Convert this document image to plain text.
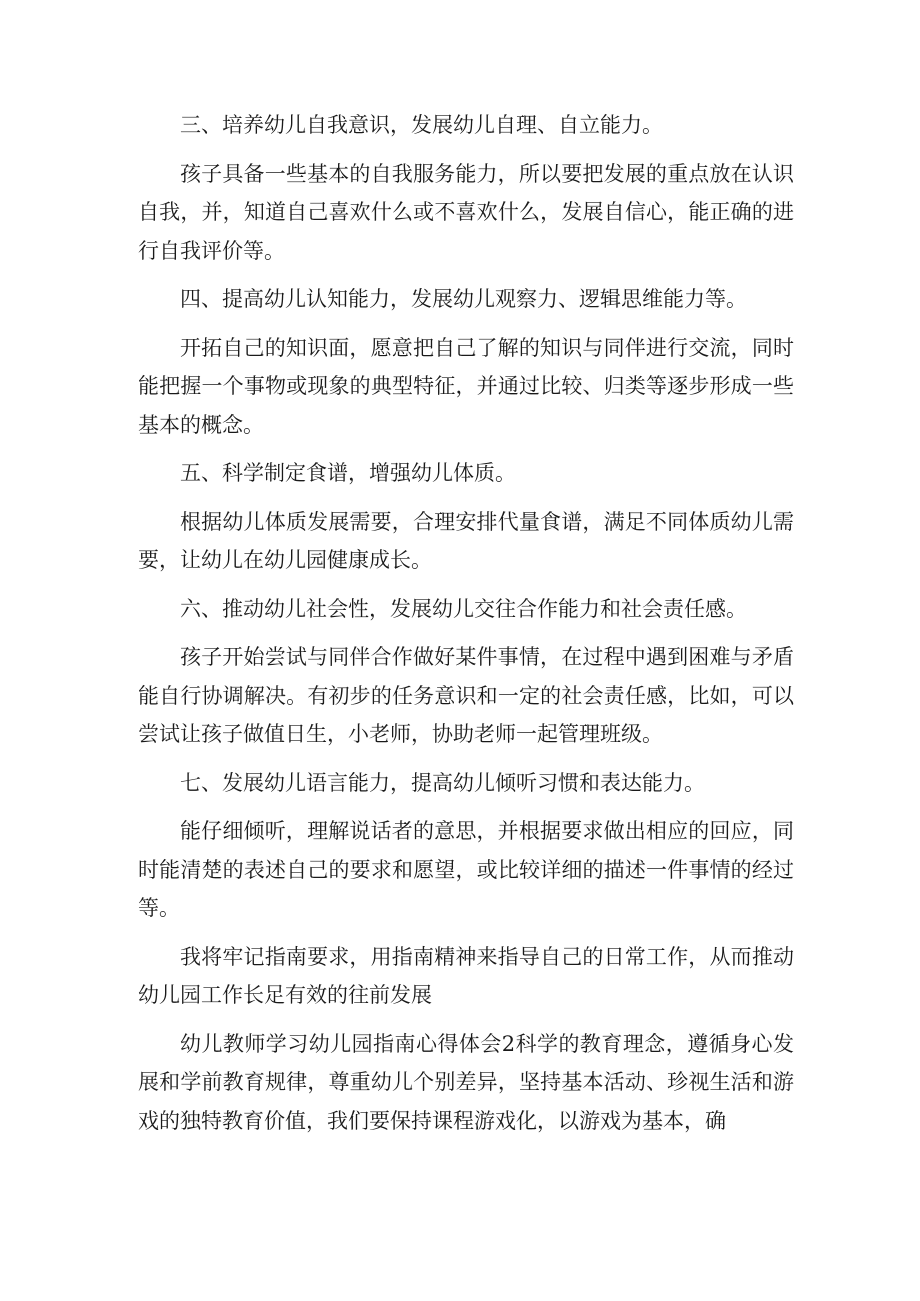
三、培养幼儿自我意识，发展幼儿自理、自立能力。

孩子具备一些基本的自我服务能力，所以要把发展的重点放在认识自我，并，知道自己喜欢什么或不喜欢什么，发展自信心，能正确的进行自我评价等。

四、提高幼儿认知能力，发展幼儿观察力、逻辑思维能力等。

开拓自己的知识面，愿意把自己了解的知识与同伴进行交流，同时能把握一个事物或现象的典型特征，并通过比较、归类等逐步形成一些基本的概念。

五、科学制定食谱，增强幼儿体质。

根据幼儿体质发展需要，合理安排代量食谱，满足不同体质幼儿需要，让幼儿在幼儿园健康成长。

六、推动幼儿社会性，发展幼儿交往合作能力和社会责任感。

孩子开始尝试与同伴合作做好某件事情，在过程中遇到困难与矛盾能自行协调解决。有初步的任务意识和一定的社会责任感，比如，可以尝试让孩子做值日生，小老师，协助老师一起管理班级。

七、发展幼儿语言能力，提高幼儿倾听习惯和表达能力。

能仔细倾听，理解说话者的意思，并根据要求做出相应的回应，同时能清楚的表述自己的要求和愿望，或比较详细的描述一件事情的经过等。

我将牢记指南要求，用指南精神来指导自己的日常工作，从而推动幼儿园工作长足有效的往前发展

幼儿教师学习幼儿园指南心得体会2科学的教育理念，遵循身心发展和学前教育规律，尊重幼儿个别差异，坚持基本活动、珍视生活和游戏的独特教育价值，我们要保持课程游戏化，以游戏为基本，确
